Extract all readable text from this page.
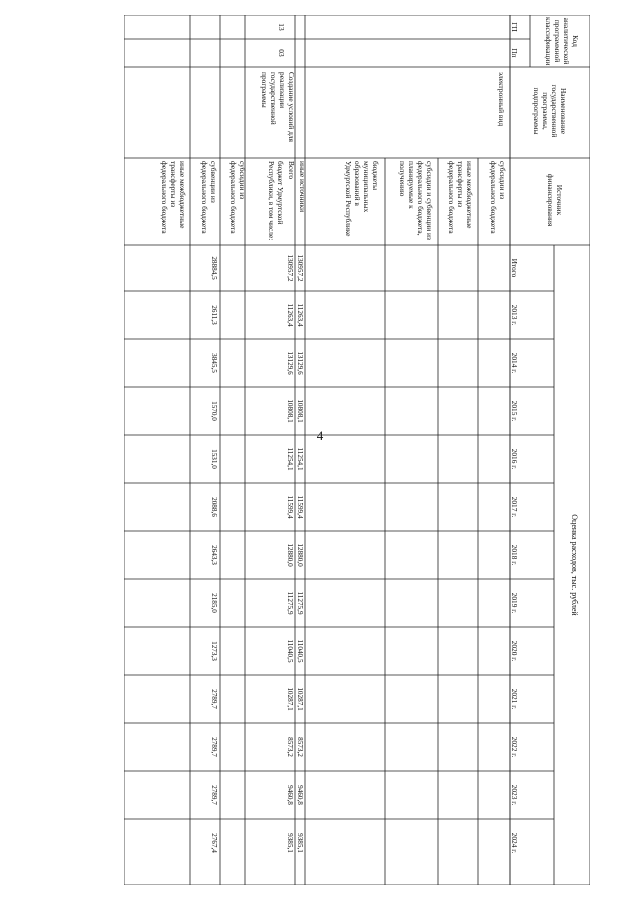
4
Код аналитической программной классификации
ГП
Пп
Наименование государственной программы, подпрограммы
Источник финансирования
Оценка расходов, тыс. рублей
Итого
2013 г.
2014 г.
2015 г.
2016 г.
2017 г.
2018 г.
2019 г.
2020 г.
2021 г.
2022 г.
2023 г.
2024 г.
электронный вид
субсидии из федерального бюджета
иные межбюджетные трансферты из федерального бюджета
субсидии и субвенции из федерального бюджета, планируемые к получению
бюджеты муниципальных образований в Удмуртской Республике
иные источники
13
03
Создание условий для реализации государственной программы
Всего
бюджет Удмуртской Республики, в том числе:
субсидии из федерального бюджета
субвенции из федерального бюджета
иные межбюджетные трансферты из федерального бюджета
130957,2
11263,4
13129,6
10808,1
11254,1
11599,4
12880,0
11275,9
11040,5
10287,1
8573,2
9460,8
9385,1
130957,2
11263,4
13129,6
10808,1
11254,1
11599,4
12880,0
11275,9
11040,5
10287,1
8573,2
9460,8
9385,1
28884,5
2611,3
3845,5
1570,0
1531,0
2088,6
2643,3
2185,0
1273,3
2789,7
2789,7
2789,7
2767,4
